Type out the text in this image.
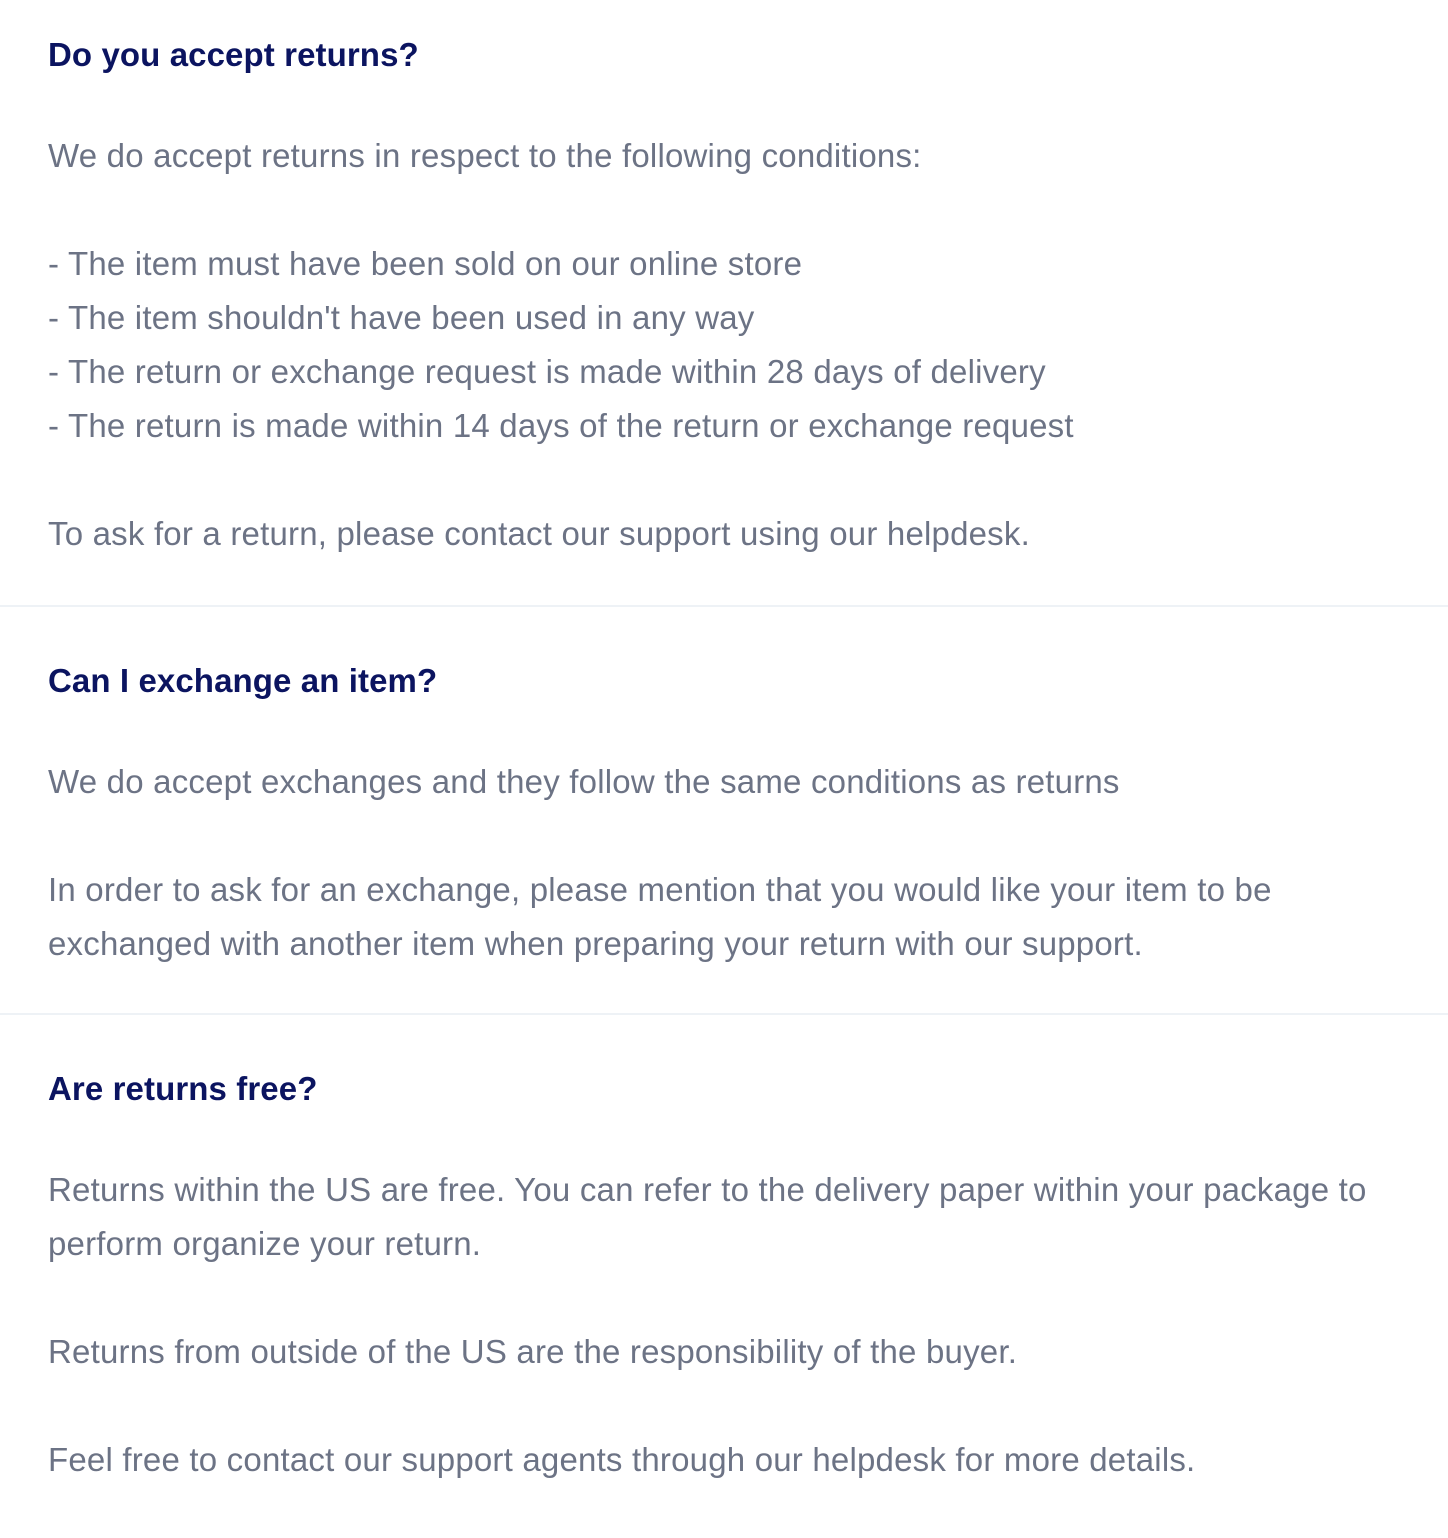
Do you accept returns?

We do accept returns in respect to the following conditions:

- The item must have been sold on our online store
- The item shouldn't have been used in any way
- The return or exchange request is made within 28 days of delivery
- The return is made within 14 days of the return or exchange request

To ask for a return, please contact our support using our helpdesk.

Can I exchange an item?

We do accept exchanges and they follow the same conditions as returns

In order to ask for an exchange, please mention that you would like your item to be exchanged with another item when preparing your return with our support.

Are returns free?

Returns within the US are free. You can refer to the delivery paper within your package to perform organize your return.

Returns from outside of the US are the responsibility of the buyer.

Feel free to contact our support agents through our helpdesk for more details.
